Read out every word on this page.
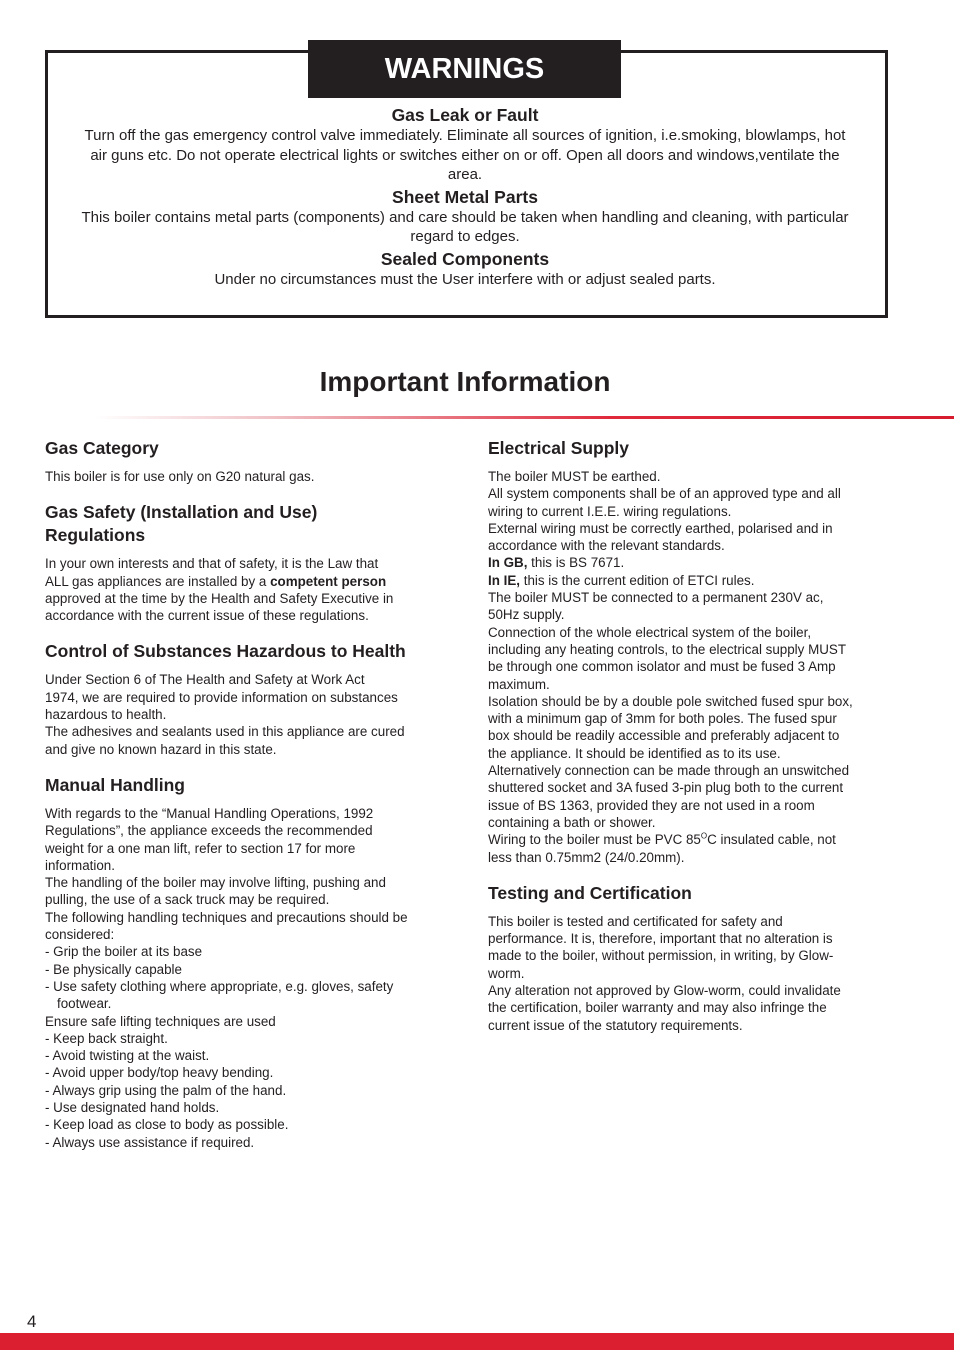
WARNINGS
Gas Leak or Fault

Turn off the gas emergency control valve immediately. Eliminate all sources of ignition, i.e.smoking, blowlamps, hot
air guns etc. Do not operate electrical lights or switches either on or off. Open all doors and windows,ventilate the
area.

Sheet Metal Parts

This boiler contains metal parts (components) and care should be taken when handling and cleaning, with particular
regard to edges.

Sealed Components

Under no circumstances must the User interfere with or adjust sealed parts.

Important Information
Gas Category

This boiler is for use only on G20 natural gas.

Gas Safety (Installation and Use)
Regulations

In your own interests and that of safety, it is the Law that
ALL gas appliances are installed by a competent person
approved at the time by the Health and Safety Executive in
accordance with the current issue of these regulations.

Control of Substances Hazardous to Health

Under Section 6 of The Health and Safety at Work Act
1974, we are required to provide information on substances
hazardous to health.
The adhesives and sealants used in this appliance are cured
and give no known hazard in this state.

Manual Handling

With regards to the “Manual Handling Operations, 1992
Regulations”, the appliance exceeds the recommended
weight for a one man lift, refer to section 17 for more
information.
The handling of the boiler may involve lifting, pushing and
pulling, the use of a sack truck may be required.
The following handling techniques and precautions should be
considered:
- Grip the boiler at its base
- Be physically capable
- Use safety clothing where appropriate, e.g. gloves, safety
footwear.
Ensure safe lifting techniques are used
- Keep back straight.
- Avoid twisting at the waist.
- Avoid upper body/top heavy bending.
- Always grip using the palm of the hand.
- Use designated hand holds.
- Keep load as close to body as possible.
- Always use assistance if required.

Electrical Supply

The boiler MUST be earthed.
All system components shall be of an approved type and all
wiring to current I.E.E. wiring regulations.
External wiring must be correctly earthed, polarised and in
accordance with the relevant standards.
In GB, this is BS 7671.
In IE, this is the current edition of ETCI rules.
The boiler MUST be connected to a permanent 230V ac,
50Hz supply.
Connection of the whole electrical system of the boiler,
including any heating controls, to the electrical supply MUST
be through one common isolator and must be fused 3 Amp
maximum.
Isolation should be by a double pole switched fused spur box,
with a minimum gap of 3mm for both poles. The fused spur
box should be readily accessible and preferably adjacent to
the appliance. It should be identified as to its use.
Alternatively connection can be made through an unswitched
shuttered socket and 3A fused 3-pin plug both to the current
issue of BS 1363, provided they are not used in a room
containing a bath or shower.
Wiring to the boiler must be PVC $85^OC$ insulated cable, not
less than 0.75mm2 (24/0.20mm).

Testing and Certification

This boiler is tested and certificated for safety and
performance. It is, therefore, important that no alteration is
made to the boiler, without permission, in writing, by Glow-
worm.
Any alteration not approved by Glow-worm, could invalidate
the certification, boiler warranty and may also infringe the
current issue of the statutory requirements.

4
